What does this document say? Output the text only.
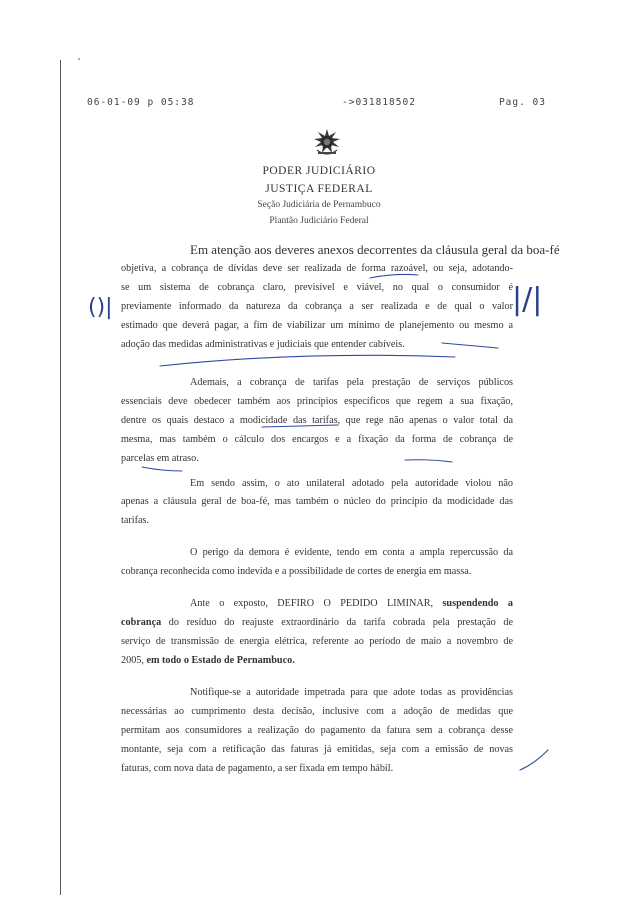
06-01-09 p 05:38	->031818502	Pag. 03
PODER JUDICIÁRIO
JUSTIÇA FEDERAL
Seção Judiciária de Pernambuco
Plantão Judiciário Federal
()|	|/|
Em atenção aos deveres anexos decorrentes da cláusula geral da boa-fé
objetiva, a cobrança de dívidas deve ser realizada de forma razoável, ou seja, adotando-
se um sistema de cobrança claro, previsível e viável, no qual o consumidor é
previamente informado da natureza da cobrança a ser realizada e de qual o valor
estimado que deverá pagar, a fim de viabilizar um mínimo de planejemento ou mesmo a
adoção das medidas administrativas e judiciais que entender cabíveis.
Ademais, a cobrança de tarifas pela prestação de serviços públicos
essenciais deve obedecer também aos princípios específicos que regem a sua fixação,
dentre os quais destaco a modicidade das tarifas, que rege não apenas o valor total da
mesma, mas também o cálculo dos encargos e a fixação da forma de cobrança de
parcelas em atraso.
Em sendo assim, o ato unilateral adotado pela autoridade violou não
apenas a cláusula geral de boa-fé, mas também o núcleo do princípio da modicidade das
tarifas.
O perigo da demora é evidente, tendo em conta a ampla repercussão da
cobrança reconhecida como indevida e a possibilidade de cortes de energia em massa.
Ante o exposto, DEFIRO O PEDIDO LIMINAR, suspendendo a
cobrança do resíduo do reajuste extraordinário da tarifa cobrada pela prestação de
serviço de transmissão de energia elétrica, referente ao período de maio a novembro de
2005, em todo o Estado de Pernambuco.
Notifique-se a autoridade impetrada para que adote todas as providências
necessárias ao cumprimento desta decisão, inclusive com a adoção de medidas que
permitam aos consumidores a realização do pagamento da fatura sem a cobrança desse
montante, seja com a retificação das faturas já emitidas, seja com a emissão de novas
faturas, com nova data de pagamento, a ser fixada em tempo hábil.
